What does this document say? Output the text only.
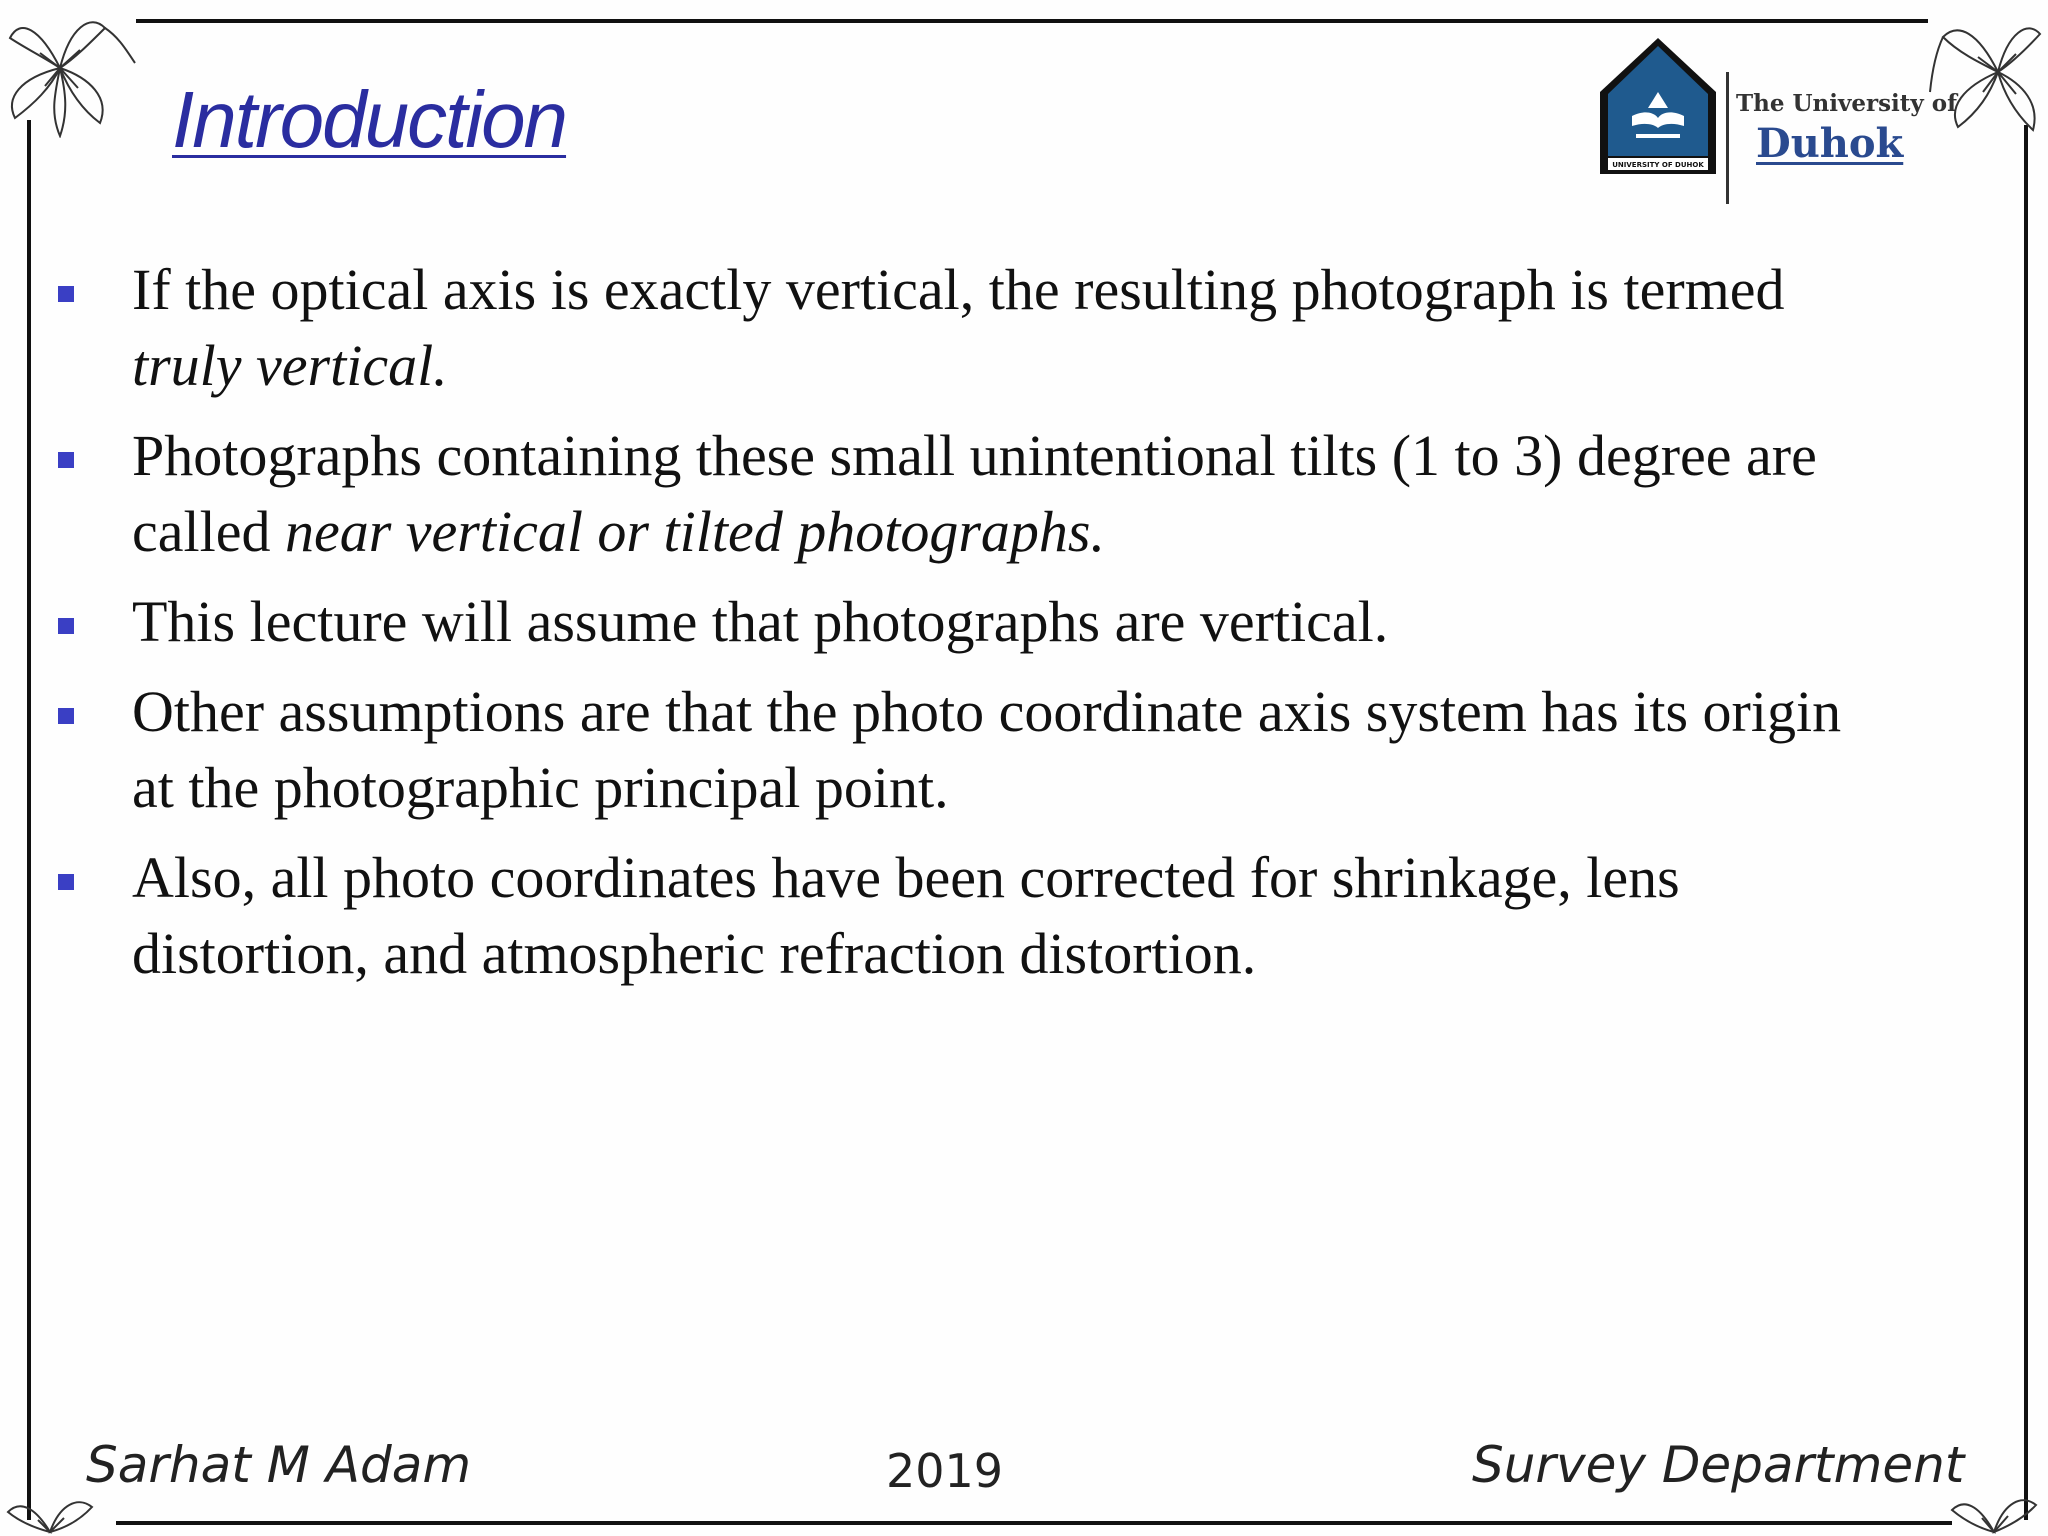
Introduction
UNIVERSITY OF DUHOK
The University of
Duhok
If the optical axis is exactly vertical, the resulting photograph is termed
truly vertical.
Photographs containing these small unintentional tilts (1 to 3) degree are
called near vertical or tilted photographs.
This lecture will assume that photographs are vertical.
Other assumptions are that the photo coordinate axis system has its origin
at the photographic principal point.
Also, all photo coordinates have been corrected for shrinkage, lens
distortion, and atmospheric refraction distortion.
Sarhat M Adam	2019	Survey Department
